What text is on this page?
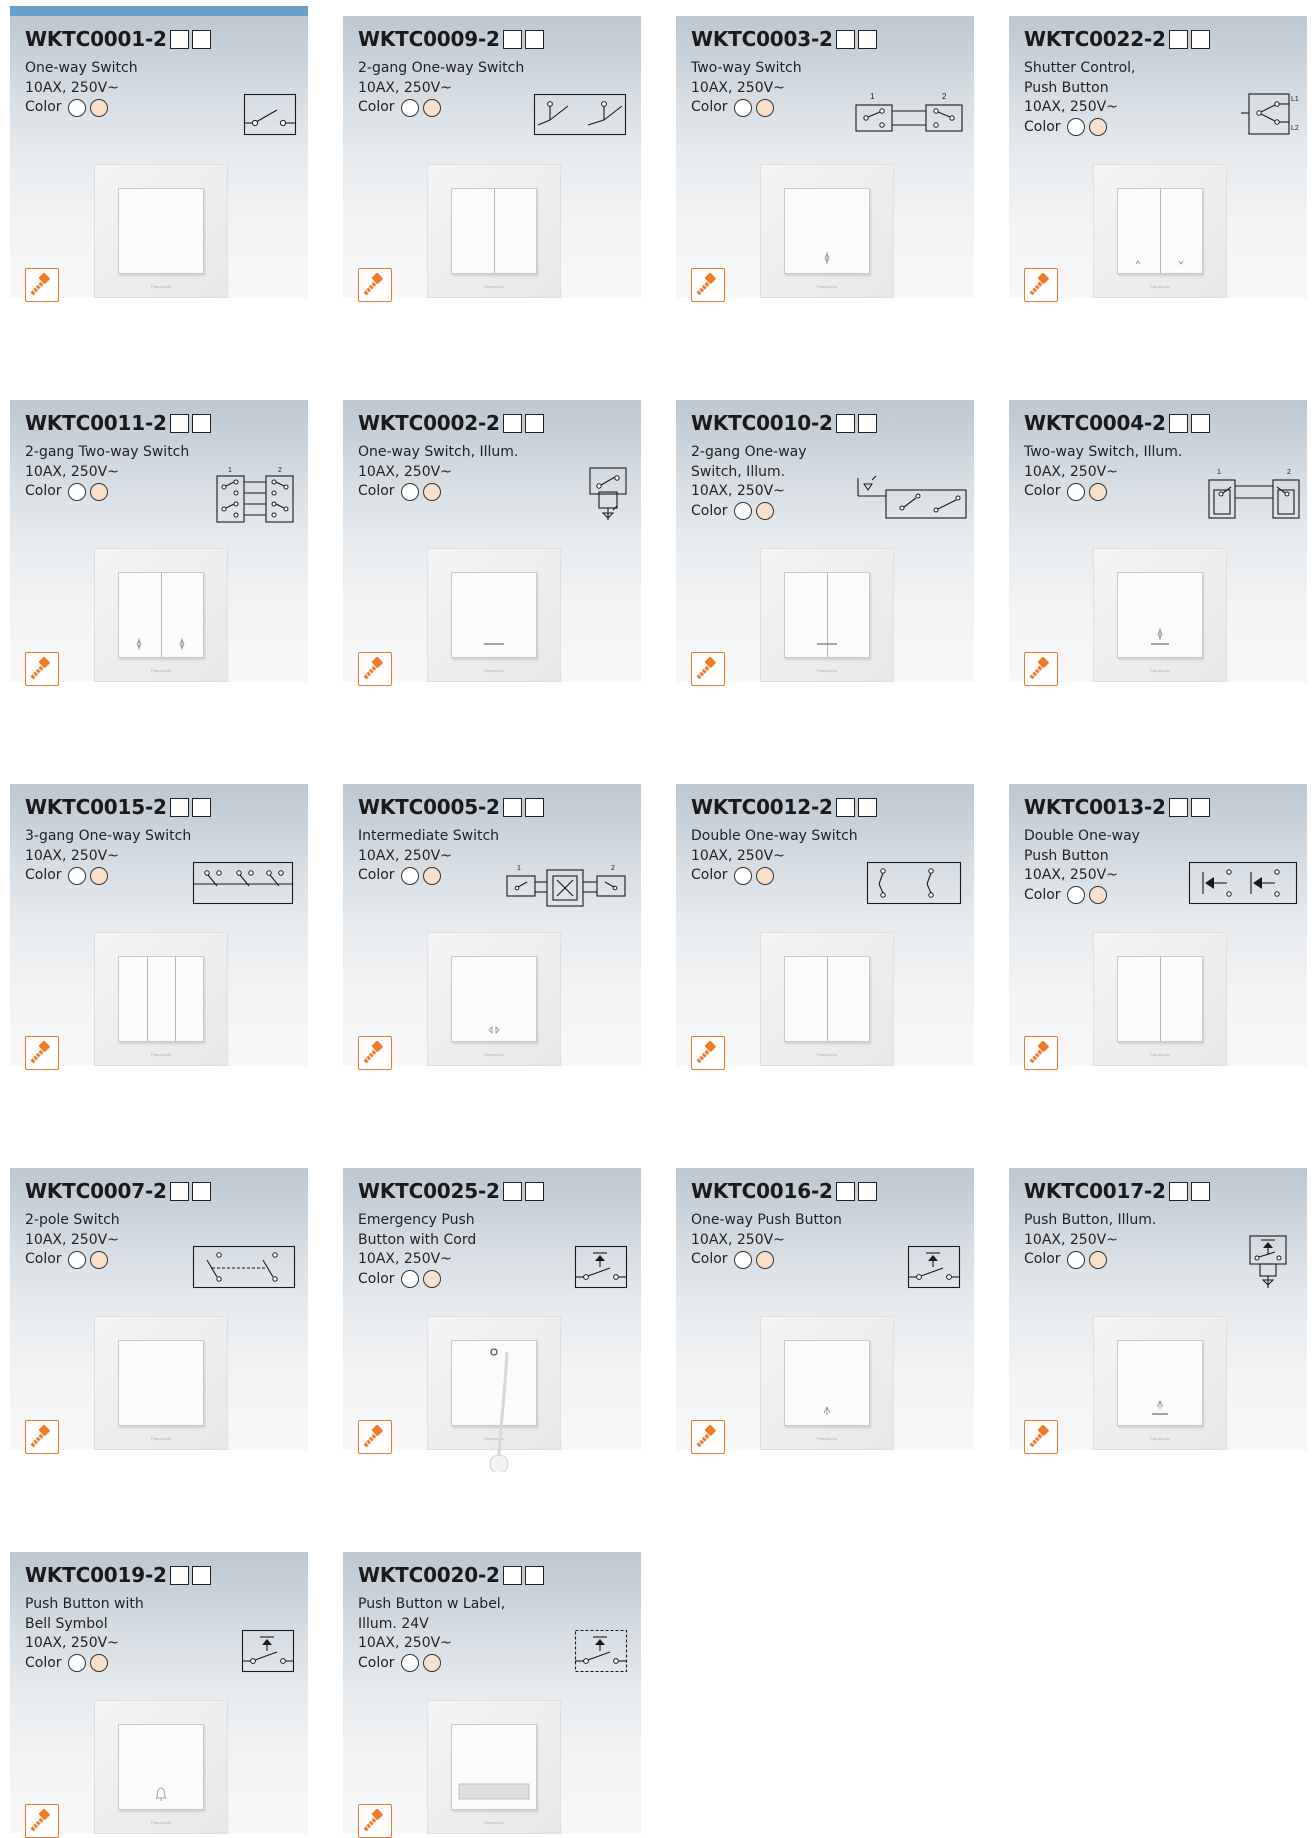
WKTC0001-2
One-way Switch
10AX, 250V~
Color
Panasonic
WKTC0009-2
2-gang One-way Switch
10AX, 250V~
Color
Panasonic
WKTC0003-2
Two-way Switch
10AX, 250V~
Color
1	2
Panasonic
WKTC0022-2
Shutter Control,
Push Button
10AX, 250V~
Color
L1
L2
Panasonic
WKTC0011-2
2-gang Two-way Switch
10AX, 250V~
Color
1	2
Panasonic
WKTC0002-2
One-way Switch, Illum.
10AX, 250V~
Color
Panasonic
WKTC0010-2
2-gang One-way
Switch, Illum.
10AX, 250V~
Color
Panasonic
WKTC0004-2
Two-way Switch, Illum.
10AX, 250V~
Color
1	2
Panasonic
WKTC0015-2
3-gang One-way Switch
10AX, 250V~
Color
Panasonic
WKTC0005-2
Intermediate Switch
10AX, 250V~
Color	1	2
Panasonic
WKTC0012-2
Double One-way Switch
10AX, 250V~
Color
Panasonic
WKTC0013-2
Double One-way
Push Button
10AX, 250V~
Color
Panasonic
WKTC0007-2
2-pole Switch
10AX, 250V~
Color
Panasonic
WKTC0025-2
Emergency Push
Button with Cord
10AX, 250V~
Color
Panasonic
WKTC0016-2
One-way Push Button
10AX, 250V~
Color
Panasonic
WKTC0017-2
Push Button, Illum.
10AX, 250V~
Color
Panasonic
WKTC0019-2
Push Button with
Bell Symbol
10AX, 250V~
Color
Panasonic
WKTC0020-2
Push Button w Label,
Illum. 24V
10AX, 250V~
Color
Panasonic
